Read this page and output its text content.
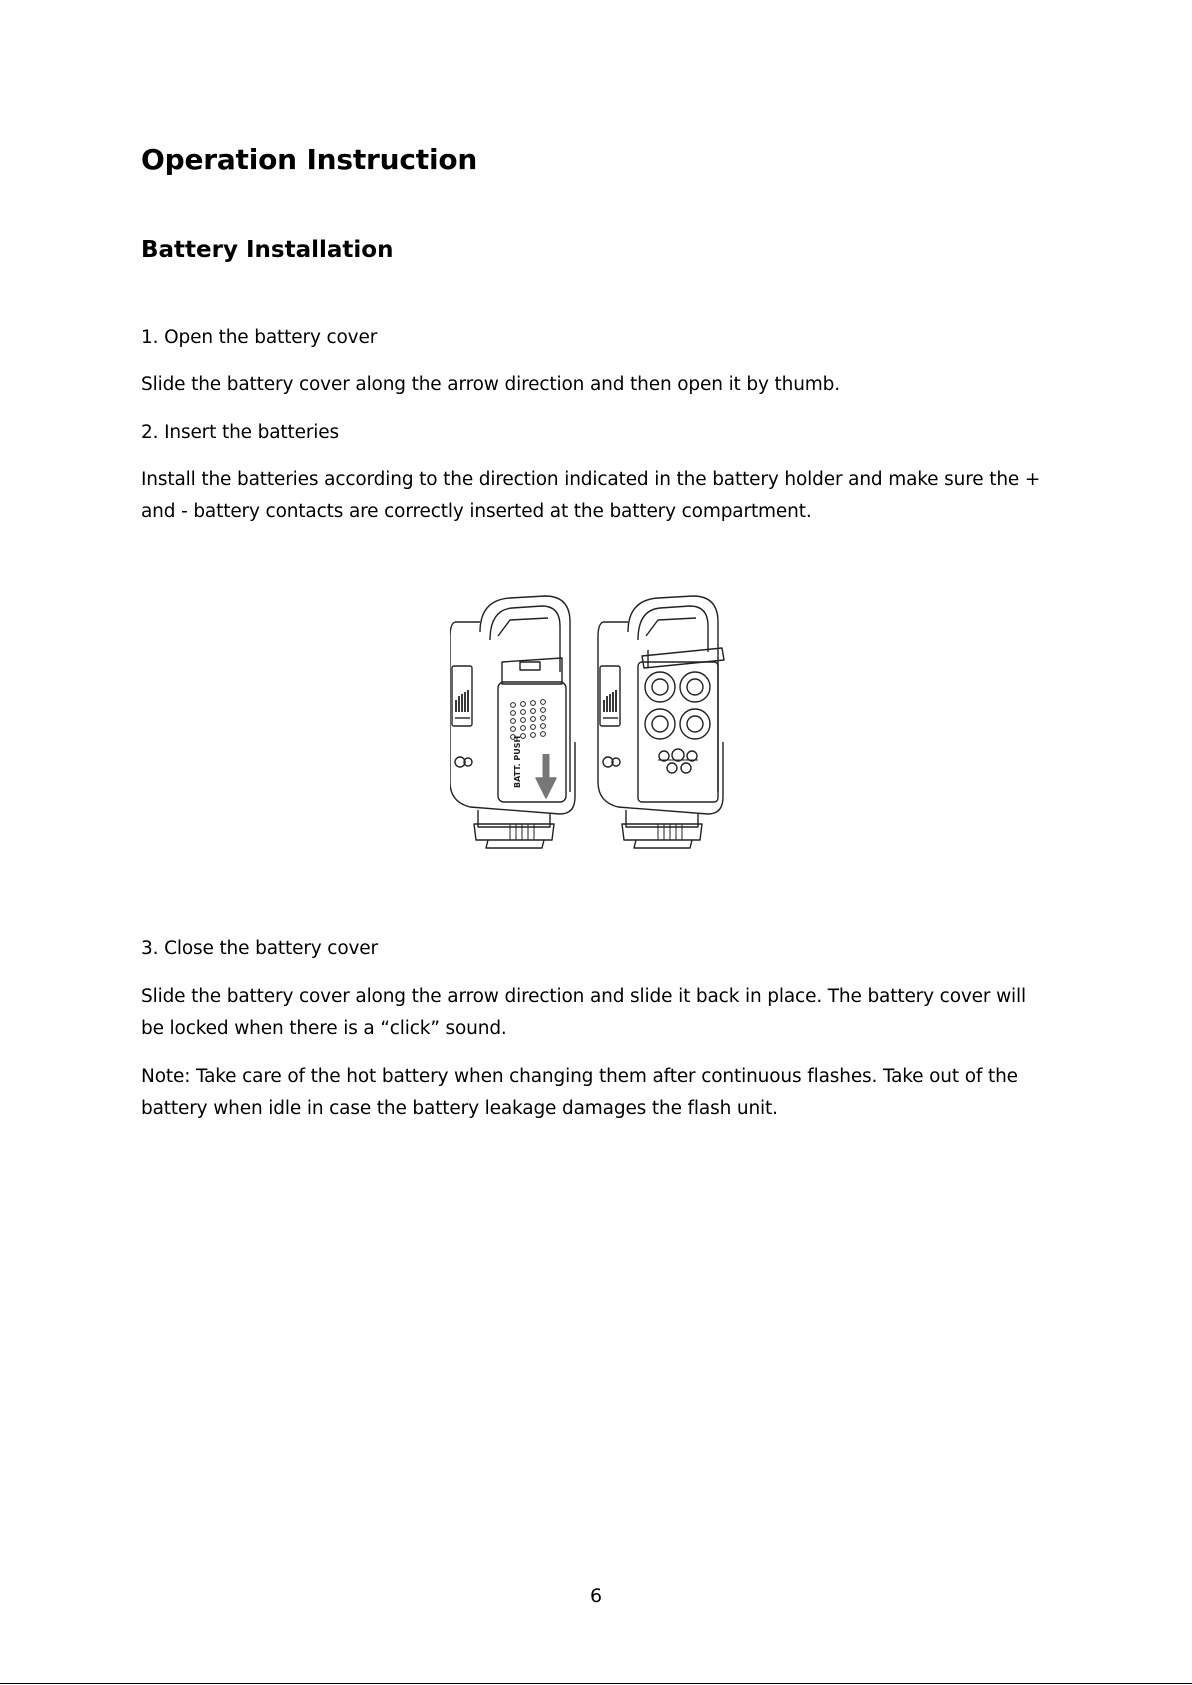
Operation Instruction
Battery Installation

1. Open the battery cover

Slide the battery cover along the arrow direction and then open it by thumb.

2. Insert the batteries

Install the batteries according to the direction indicated in the battery holder and make sure the + and - battery contacts are correctly inserted at the battery compartment.

BATT. PUSH

3. Close the battery cover

Slide the battery cover along the arrow direction and slide it back in place. The battery cover will be locked when there is a “click” sound.

Note: Take care of the hot battery when changing them after continuous flashes. Take out of the battery when idle in case the battery leakage damages the flash unit.

6
